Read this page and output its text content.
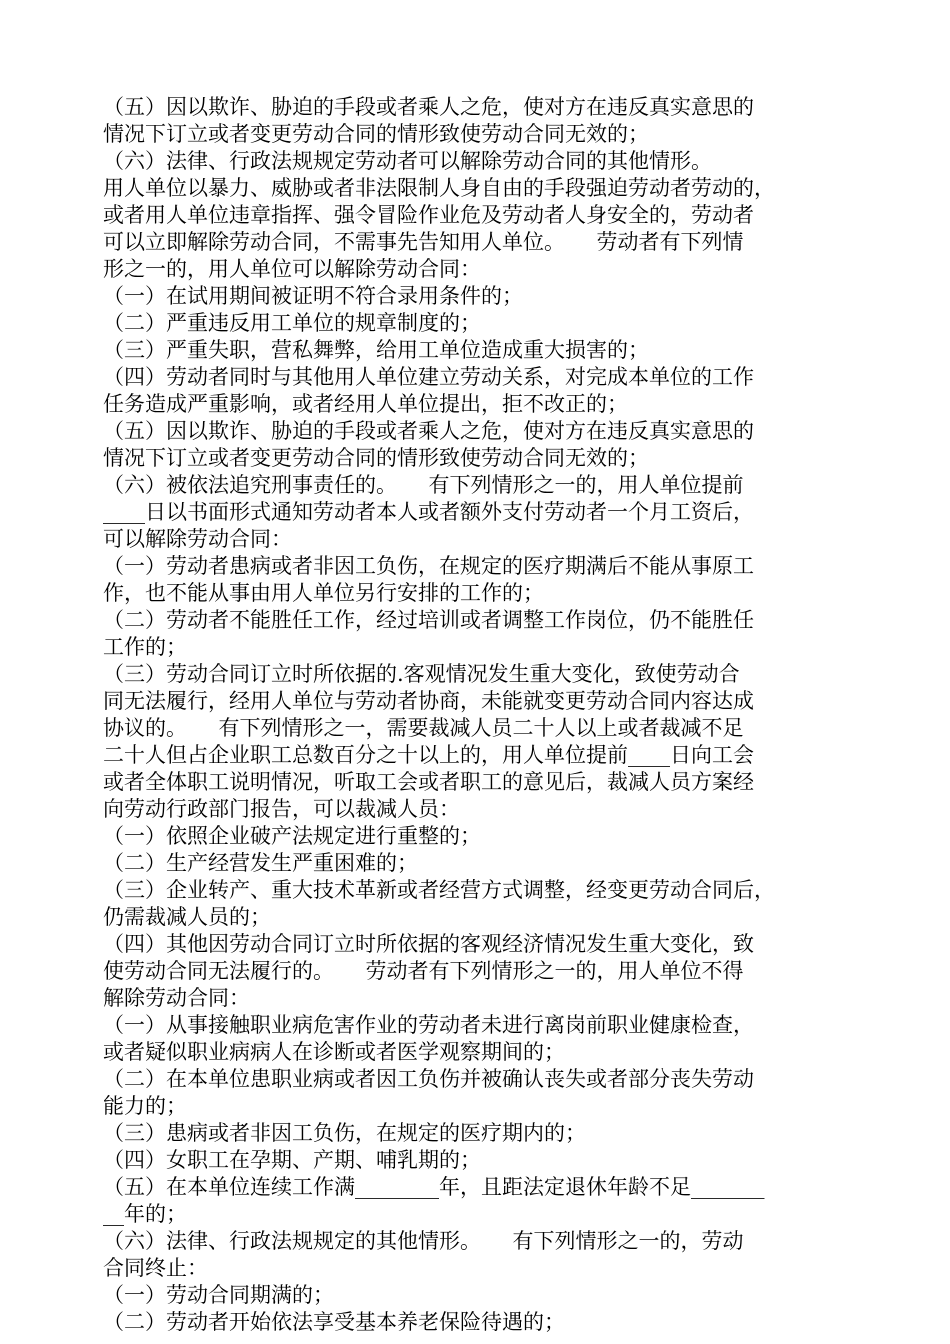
（五）因以欺诈、胁迫的手段或者乘人之危，使对方在违反真实意思的
情况下订立或者变更劳动合同的情形致使劳动合同无效的；
（六）法律、行政法规规定劳动者可以解除劳动合同的其他情形。
用人单位以暴力、威胁或者非法限制人身自由的手段强迫劳动者劳动的，
或者用人单位违章指挥、强令冒险作业危及劳动者人身安全的，劳动者
可以立即解除劳动合同，不需事先告知用人单位。　　劳动者有下列情
形之一的，用人单位可以解除劳动合同：
（一）在试用期间被证明不符合录用条件的；
（二）严重违反用工单位的规章制度的；
（三）严重失职，营私舞弊，给用工单位造成重大损害的；
（四）劳动者同时与其他用人单位建立劳动关系，对完成本单位的工作
任务造成严重影响，或者经用人单位提出，拒不改正的；
（五）因以欺诈、胁迫的手段或者乘人之危，使对方在违反真实意思的
情况下订立或者变更劳动合同的情形致使劳动合同无效的；
（六）被依法追究刑事责任的。　　有下列情形之一的，用人单位提前
____日以书面形式通知劳动者本人或者额外支付劳动者一个月工资后，
可以解除劳动合同：
（一）劳动者患病或者非因工负伤，在规定的医疗期满后不能从事原工
作，也不能从事由用人单位另行安排的工作的；
（二）劳动者不能胜任工作，经过培训或者调整工作岗位，仍不能胜任
工作的；
（三）劳动合同订立时所依据的.客观情况发生重大变化，致使劳动合
同无法履行，经用人单位与劳动者协商，未能就变更劳动合同内容达成
协议的。　　有下列情形之一，需要裁减人员二十人以上或者裁减不足
二十人但占企业职工总数百分之十以上的，用人单位提前____日向工会
或者全体职工说明情况，听取工会或者职工的意见后，裁减人员方案经
向劳动行政部门报告，可以裁减人员：
（一）依照企业破产法规定进行重整的；
（二）生产经营发生严重困难的；
（三）企业转产、重大技术革新或者经营方式调整，经变更劳动合同后，
仍需裁减人员的；
（四）其他因劳动合同订立时所依据的客观经济情况发生重大变化，致
使劳动合同无法履行的。　　劳动者有下列情形之一的，用人单位不得
解除劳动合同：
（一）从事接触职业病危害作业的劳动者未进行离岗前职业健康检查，
或者疑似职业病病人在诊断或者医学观察期间的；
（二）在本单位患职业病或者因工负伤并被确认丧失或者部分丧失劳动
能力的；
（三）患病或者非因工负伤，在规定的医疗期内的；
（四）女职工在孕期、产期、哺乳期的；
（五）在本单位连续工作满________年，且距法定退休年龄不足_______
__年的；
（六）法律、行政法规规定的其他情形。　　有下列情形之一的，劳动
合同终止：
（一）劳动合同期满的；
（二）劳动者开始依法享受基本养老保险待遇的；
